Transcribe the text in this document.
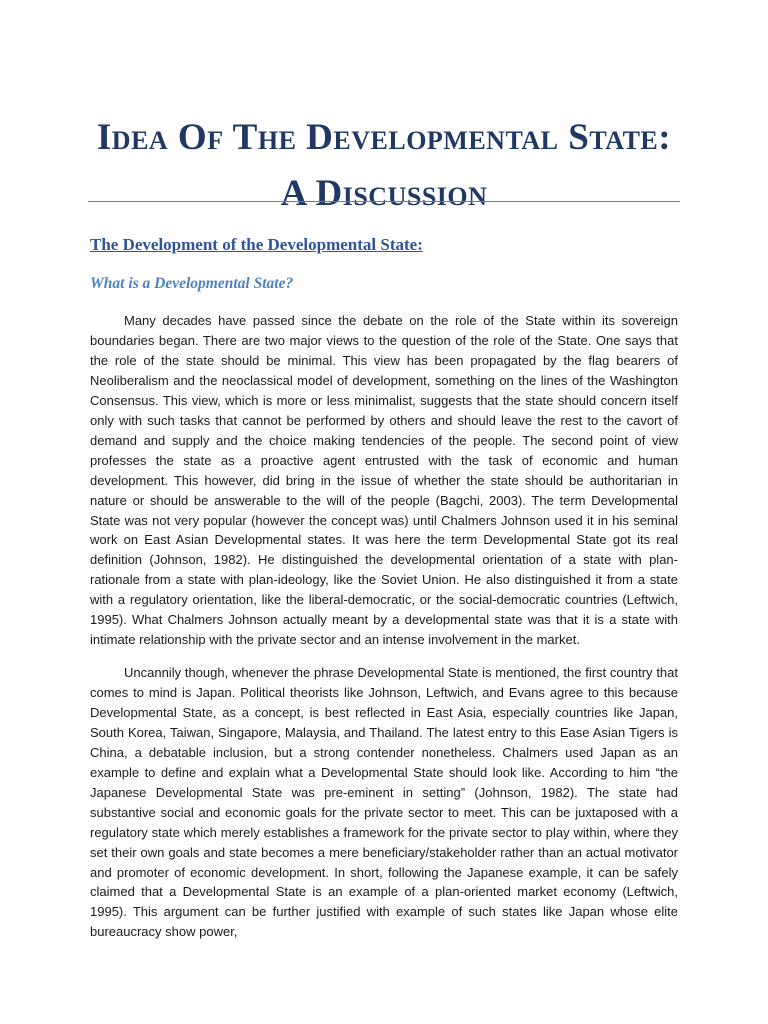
Idea Of The Developmental State: A Discussion
The Development of the Developmental State:
What is a Developmental State?

Many decades have passed since the debate on the role of the State within its sovereign boundaries began. There are two major views to the question of the role of the State. One says that the role of the state should be minimal. This view has been propagated by the flag bearers of Neoliberalism and the neoclassical model of development, something on the lines of the Washington Consensus. This view, which is more or less minimalist, suggests that the state should concern itself only with such tasks that cannot be performed by others and should leave the rest to the cavort of demand and supply and the choice making tendencies of the people. The second point of view professes the state as a proactive agent entrusted with the task of economic and human development. This however, did bring in the issue of whether the state should be authoritarian in nature or should be answerable to the will of the people (Bagchi, 2003). The term Developmental State was not very popular (however the concept was) until Chalmers Johnson used it in his seminal work on East Asian Developmental states. It was here the term Developmental State got its real definition (Johnson, 1982). He distinguished the developmental orientation of a state with plan-rationale from a state with plan-ideology, like the Soviet Union. He also distinguished it from a state with a regulatory orientation, like the liberal-democratic, or the social-democratic countries (Leftwich, 1995). What Chalmers Johnson actually meant by a developmental state was that it is a state with intimate relationship with the private sector and an intense involvement in the market.

Uncannily though, whenever the phrase Developmental State is mentioned, the first country that comes to mind is Japan. Political theorists like Johnson, Leftwich, and Evans agree to this because Developmental State, as a concept, is best reflected in East Asia, especially countries like Japan, South Korea, Taiwan, Singapore, Malaysia, and Thailand. The latest entry to this Ease Asian Tigers is China, a debatable inclusion, but a strong contender nonetheless. Chalmers used Japan as an example to define and explain what a Developmental State should look like. According to him “the Japanese Developmental State was pre-eminent in setting” (Johnson, 1982). The state had substantive social and economic goals for the private sector to meet. This can be juxtaposed with a regulatory state which merely establishes a framework for the private sector to play within, where they set their own goals and state becomes a mere beneficiary/stakeholder rather than an actual motivator and promoter of economic development. In short, following the Japanese example, it can be safely claimed that a Developmental State is an example of a plan-oriented market economy (Leftwich, 1995). This argument can be further justified with example of such states like Japan whose elite bureaucracy show power,
